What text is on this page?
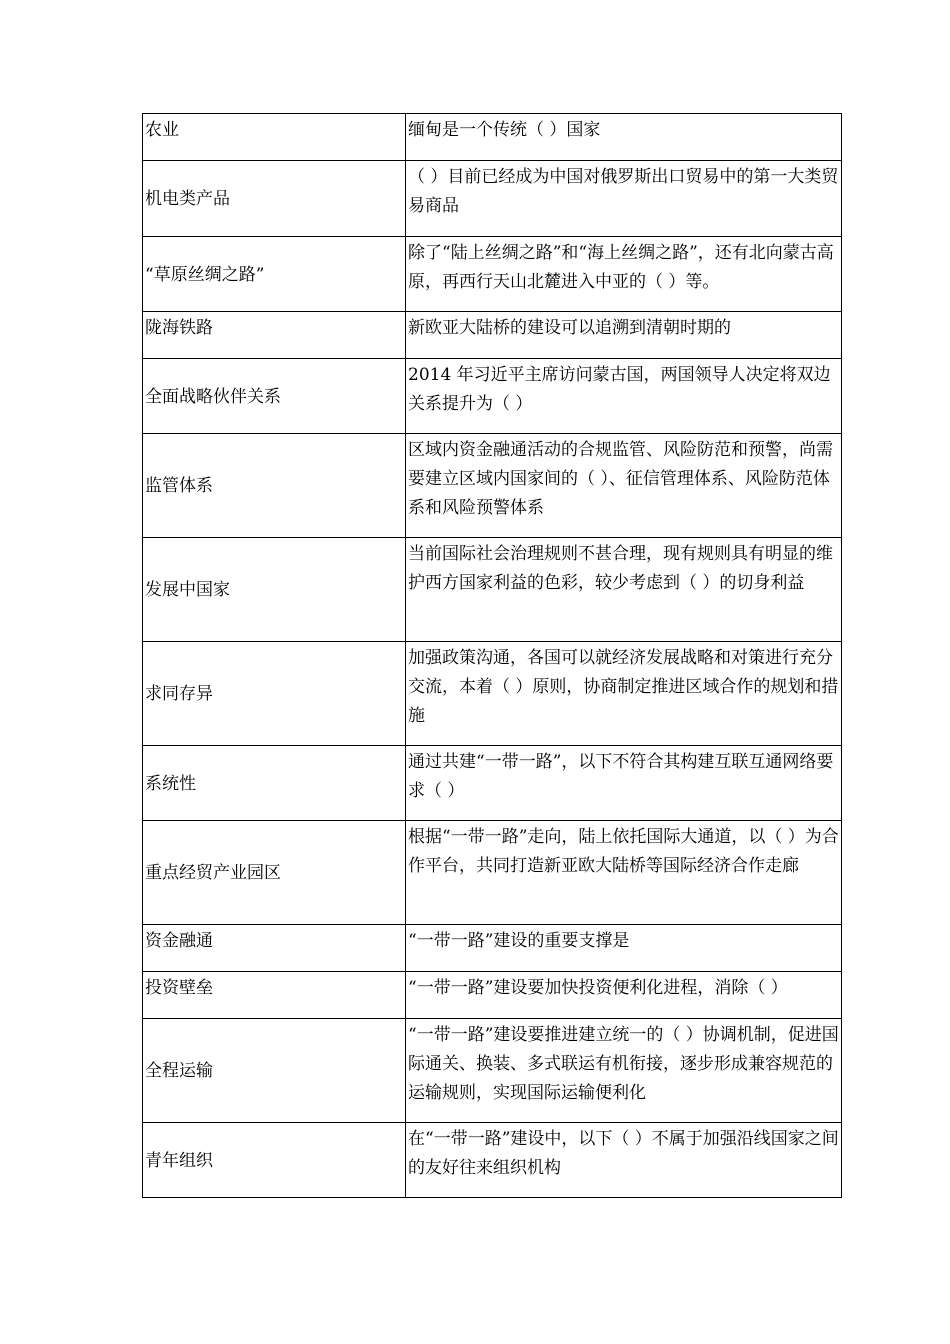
农业	缅甸是一个传统（ ）国家
机电类产品	（ ）目前已经成为中国对俄罗斯出口贸易中的第一大类贸易商品
“草原丝绸之路”	除了“陆上丝绸之路”和“海上丝绸之路”，还有北向蒙古高原，再西行天山北麓进入中亚的（ ）等。
陇海铁路	新欧亚大陆桥的建设可以追溯到清朝时期的
全面战略伙伴关系	2014 年习近平主席访问蒙古国，两国领导人决定将双边关系提升为（ ）
监管体系	区域内资金融通活动的合规监管、风险防范和预警，尚需要建立区域内国家间的（ ）、征信管理体系、风险防范体系和风险预警体系
发展中国家	当前国际社会治理规则不甚合理，现有规则具有明显的维护西方国家利益的色彩，较少考虑到（ ）的切身利益
求同存异	加强政策沟通，各国可以就经济发展战略和对策进行充分交流，本着（ ）原则，协商制定推进区域合作的规划和措施
系统性	通过共建“一带一路”，以下不符合其构建互联互通网络要求（ ）
重点经贸产业园区	根据“一带一路”走向，陆上依托国际大通道，以（ ）为合作平台，共同打造新亚欧大陆桥等国际经济合作走廊
资金融通	“一带一路”建设的重要支撑是
投资壁垒	“一带一路”建设要加快投资便利化进程，消除（ ）
全程运输	“一带一路”建设要推进建立统一的（ ）协调机制，促进国际通关、换装、多式联运有机衔接，逐步形成兼容规范的运输规则，实现国际运输便利化
青年组织	在“一带一路”建设中，以下（ ）不属于加强沿线国家之间的友好往来组织机构
